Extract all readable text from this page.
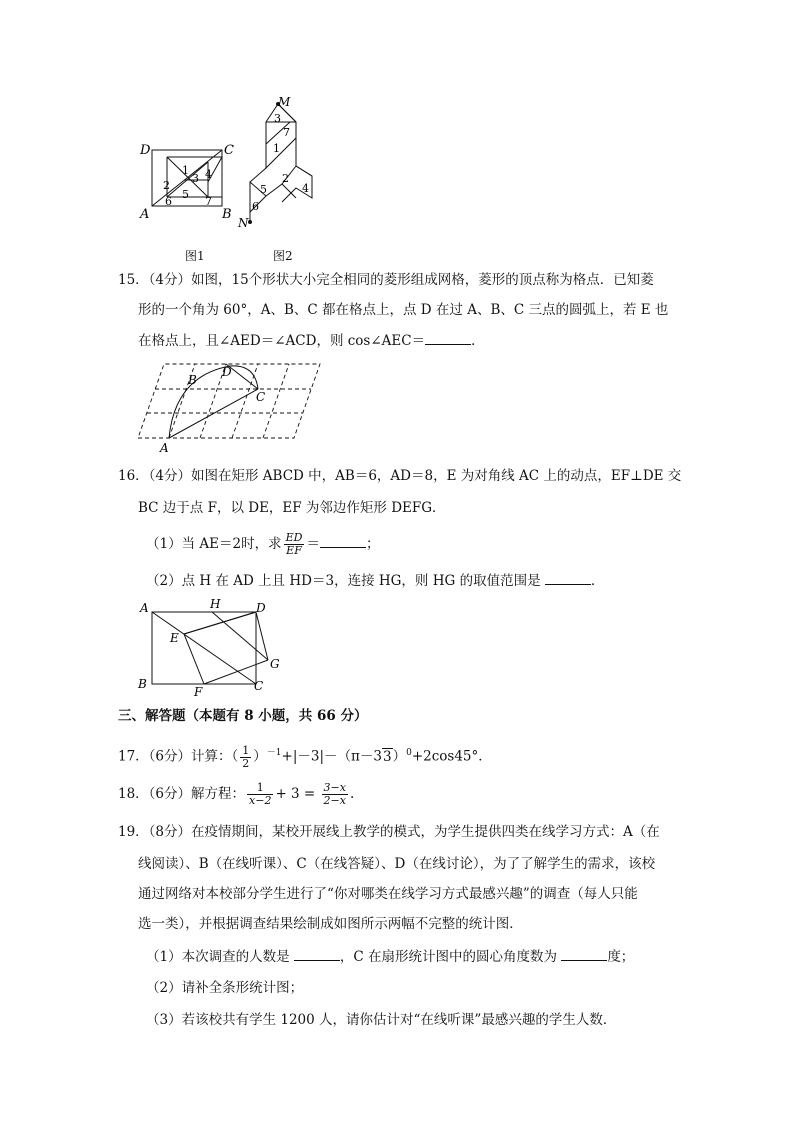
D	C
A	B
1
2
3 4
5
6	7
M
N
3
7
1
2
5	4
6
图1	图2
15．（4分）如图，15个形状大小完全相同的菱形组成网格，菱形的顶点称为格点．已知菱
形的一个角为 60°，A、B、C 都在格点上，点 D 在过 A、B、C 三点的圆弧上，若 E 也
在格点上，且∠AED＝∠ACD，则 cos∠AEC＝	．
B
D
C
A
16．（4分）如图在矩形 ABCD 中，AB＝6，AD＝8，E 为对角线 AC 上的动点，EF⊥DE 交
BC 边于点 F，以 DE，EF 为邻边作矩形 DEFG．
（1）当 AE＝2时，求 $\frac{ED}{EF}$ ＝	；
（2）点 H 在 AD 上且 HD＝3，连接 HG，则 HG 的取值范围是	．
A	H	D
E
G
B
F	C
三、解答题（本题有 8 小题，共 66 分）
17．（6分）计算：（ $\frac{1}{2} )^{-1}+|-3|-(\pi-33)^0+2\cos 45^\circ$．
18．（6分）解方程： $\frac{1}{x-2} + 3 = \frac{3-x}{2-x}$ .
19．（8分）在疫情期间，某校开展线上教学的模式，为学生提供四类在线学习方式：A（在
线阅读）、B（在线听课）、C（在线答疑）、D（在线讨论），为了了解学生的需求，该校
通过网络对本校部分学生进行了“你对哪类在线学习方式最感兴趣”的调查（每人只能
选一类），并根据调查结果绘制成如图所示两幅不完整的统计图．
（1）本次调查的人数是	，C 在扇形统计图中的圆心角度数为	度；
（2）请补全条形统计图；
（3）若该校共有学生 1200 人，请你估计对“在线听课”最感兴趣的学生人数．
